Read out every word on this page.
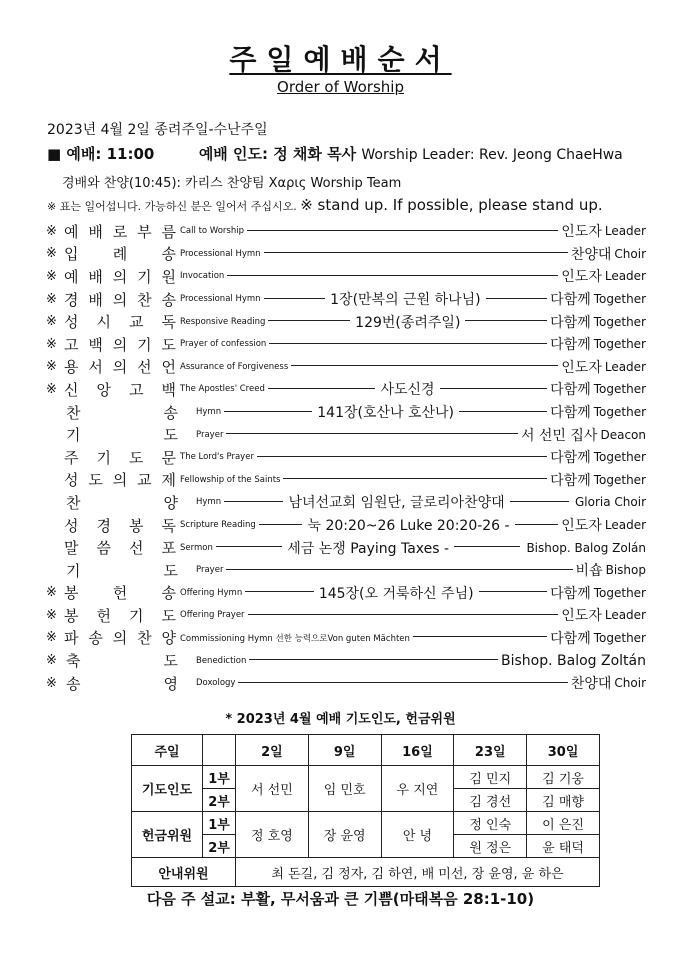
주일예배순서
Order of Worship
2023년 4월 2일 종려주일-수난주일
■ 예배: 11:00	예배 인도: 정 채화 목사 Worship Leader: Rev. Jeong ChaeHwa
경배와 찬양(10:45): 카리스 찬양팀 Χαρις Worship Team
※ 표는 일어섭니다. 가능하신 분은 일어서 주십시오. ※ stand up. If possible, please stand up.
※ 예 배 로 부 름 Call to Worship	인도자 Leader
※ 입 례 송 Processional Hymn	찬양대 Choir
※ 예 배 의 기 원 Invocation	인도자 Leader
※ 경 배 의 찬 송 Processional Hymn	1장(만복의 근원 하나님)	다함께 Together
※ 성 시 교 독 Responsive Reading	129번(종려주일)	다함께 Together
※ 고 백 의 기 도 Prayer of confession	다함께 Together
※ 용 서 의 선 언 Assurance of Forgiveness	인도자 Leader
※ 신 앙 고 백 The Apostles' Creed	사도신경	다함께 Together
찬	송 Hymn	141장(호산나 호산나)	다함께 Together
기	도 Prayer	서 선민 집사 Deacon
주 기 도 문 The Lord's Prayer	다함께 Together
성 도 의 교 제 Fellowship of the Saints	다함께 Together
찬	양 Hymn	남녀선교회 임원단, 글로리아찬양대	Gloria Choir
성 경 봉 독 Scripture Reading	눅 20:20~26 Luke 20:20-26 -	인도자 Leader
말 씀 선 포 Sermon	세금 논쟁 Paying Taxes -	Bishop. Balog Zolán
기	도 Prayer	비숍 Bishop
※ 봉 헌 송 Offering Hymn	145장(오 거룩하신 주님)	다함께 Together
※ 봉 헌 기 도 Offering Prayer	인도자 Leader
※ 파 송 의 찬 양 Commissioning Hymn 선한 능력으로Von guten Mächten	다함께 Together
※ 축	도 Benediction	Bishop. Balog Zoltán
※ 송	영 Doxology	찬양대 Choir
* 2023년 4월 예배 기도인도, 헌금위원
주일		2일	9일	16일	23일	30일
기도인도	1부	서 선민	임 민호	우 지연	김 민지	김 기웅
	2부				김 경선	김 매향
헌금위원	1부	정 호영	장 윤영	안 녕	정 인숙	이 은진
	2부				원 정은	윤 태덕
안내위원		최 돈길, 김 정자, 김 하연, 배 미선, 장 윤영, 윤 하은				
다음 주 설교: 부활, 무서움과 큰 기쁨(마태복음 28:1-10)
